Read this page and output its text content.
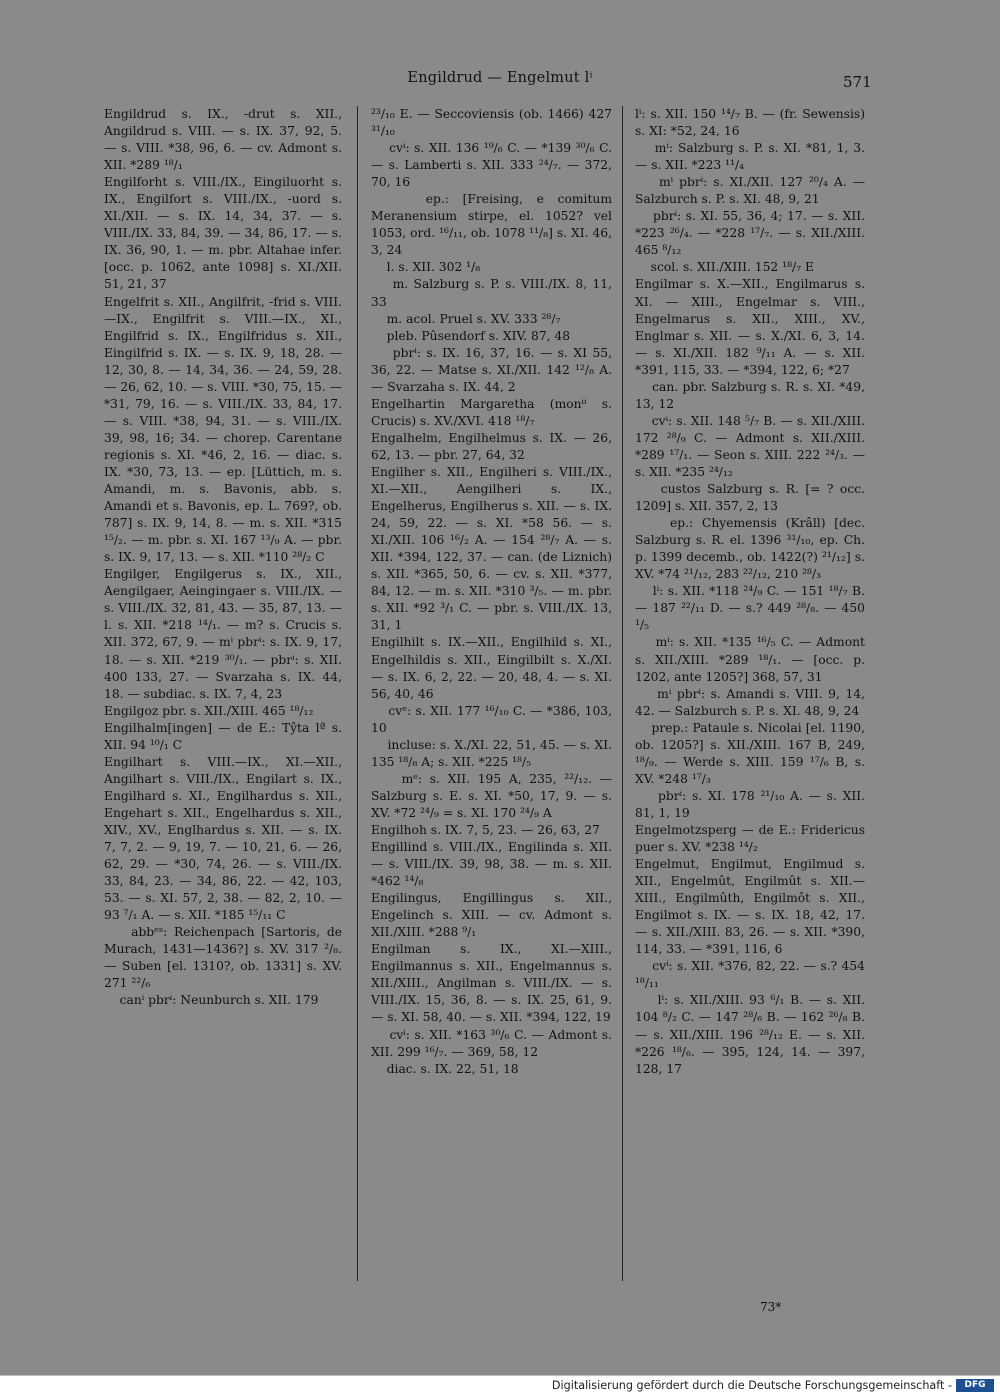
Engildrud — Engelmut lⁱ	571

Engildrud s. IX., -drut s. XII., Angildrud s. VIII. — s. IX. 37, 92, 5. — s. VIII. *38, 96, 6. — cv. Admont s. XII. *289 ¹⁸/₁
Engilforht s. VIII./IX., Eingiluorht s. IX., Engilfort s. VIII./IX., -uord s. XI./XII. — s. IX. 14, 34, 37. — s. VIII./IX. 33, 84, 39. — 34, 86, 17. — s. IX. 36, 90, 1. — m. pbr. Altahae infer. [occ. p. 1062, ante 1098] s. XI./XII. 51, 21, 37
Engelfrit s. XII., Angilfrit, -frid s. VIII.—IX., Engilfrit s. VIII.—IX., XI., Engilfrid s. IX., Engilfridus s. XII., Eingilfrid s. IX. — s. IX. 9, 18, 28. — 12, 30, 8. — 14, 34, 36. — 24, 59, 28. — 26, 62, 10. — s. VIII. *30, 75, 15. — *31, 79, 16. — s. VIII./IX. 33, 84, 17. — s. VIII. *38, 94, 31. — s. VIII./IX. 39, 98, 16; 34. — chorep. Carentane regionis s. XI. *46, 2, 16. — diac. s. IX. *30, 73, 13. — ep. [Lüttich, m. s. Amandi, m. s. Bavonis, abb. s. Amandi et s. Bavonis, ep. L. 769?, ob. 787] s. IX. 9, 14, 8. — m. s. XII. *315 ¹⁵/₂. — m. pbr. s. XI. 167 ¹³/₉ A. — pbr. s. IX. 9, 17, 13. — s. XII. *110 ²⁸/₂ C
Engilger, Engilgerus s. IX., XII., Aengilgaer, Aeingingaer s. VIII./IX. — s. VIII./IX. 32, 81, 43. — 35, 87, 13. — l. s. XII. *218 ¹⁴/₁. — m? s. Crucis s. XII. 372, 67, 9. — mⁱ pbrⁱ: s. IX. 9, 17, 18. — s. XII. *219 ³⁰/₁. — pbrⁱ: s. XII. 400 133, 27. — Svarzaha s. IX. 44, 18. — subdiac. s. IX. 7, 4, 23
Engilgoz pbr. s. XII./XIII. 465 ¹⁸/₁₂
Engilhalm[ingen] — de E.: Tŷta lª s. XII. 94 ¹⁰/₁ C
Engilhart s. VIII.—IX., XI.—XII., Angilhart s. VIII./IX., Engilart s. IX., Engilhard s. XI., Engilhardus s. XII., Engehart s. XII., Engelhardus s. XII., XIV., XV., Englhardus s. XII. — s. IX. 7, 7, 2. — 9, 19, 7. — 10, 21, 6. — 26, 62, 29. — *30, 74, 26. — s. VIII./IX. 33, 84, 23. — 34, 86, 22. — 42, 103, 53. — s. XI. 57, 2, 38. — 82, 2, 10. — 93 ⁷/₁ A. — s. XII. *185 ¹⁵/₁₁ C
abbᵉˢ: Reichenpach [Sartoris, de Murach, 1431—1436?] s. XV. 317 ²/₈. — Suben [el. 1310?, ob. 1331] s. XV. 271 ²²/₆
canⁱ pbrⁱ: Neunburch s. XII. 179

²³/₁₀ E. — Seccoviensis (ob. 1466) 427 ³¹/₁₀
cvⁱ: s. XII. 136 ¹⁹/₆ C. — *139 ³⁰/₆ C. — s. Lamberti s. XII. 333 ²⁴/₇. — 372, 70, 16
ep.: [Freising, e comitum Meranensium stirpe, el. 1052? vel 1053, ord. ¹⁶/₁₁, ob. 1078 ¹¹/₈] s. XI. 46, 3, 24
l. s. XII. 302 ¹/₈
m. Salzburg s. P. s. VIII./IX. 8, 11, 33
m. acol. Pruel s. XV. 333 ²⁸/₇
pleb. Pûsendorf s. XIV. 87, 48
pbrⁱ: s. IX. 16, 37, 16. — s. XI 55, 36, 22. — Matse s. XI./XII. 142 ¹²/₈ A. — Svarzaha s. IX. 44, 2
Engelhartin Margaretha (monⁱⁱ s. Crucis) s. XV./XVI. 418 ¹⁸/₇
Engalhelm, Engilhelmus s. IX. — 26, 62, 13. — pbr. 27, 64, 32
Engilher s. XII., Engilheri s. VIII./IX., XI.—XII., Aengilheri s. IX., Engelherus, Engilherus s. XII. — s. IX. 24, 59, 22. — s. XI. *58 56. — s. XI./XII. 106 ¹⁶/₂ A. — 154 ²⁸/₇ A. — s. XII. *394, 122, 37. — can. (de Liznich) s. XII. *365, 50, 6. — cv. s. XII. *377, 84, 12. — m. s. XII. *310 ³/₅. — m. pbr. s. XII. *92 ³/₁ C. — pbr. s. VIII./IX. 13, 31, 1
Engilhilt s. IX.—XII., Engilhild s. XI., Engelhildis s. XII., Eingilbilt s. X./XI. — s. IX. 6, 2, 22. — 20, 48, 4. — s. XI. 56, 40, 46
cvᵉ: s. XII. 177 ¹⁶/₁₀ C. — *386, 103, 10
incluse: s. X./XI. 22, 51, 45. — s. XI. 135 ¹⁸/₈ A; s. XII. *225 ¹⁸/₅
mᵉ: s. XII. 195 A, 235, ²²/₁₂. — Salzburg s. E. s. XI. *50, 17, 9. — s. XV. *72 ²⁴/₉ = s. XI. 170 ²⁴/₉ A
Engilhoh s. IX. 7, 5, 23. — 26, 63, 27
Engillind s. VIII./IX., Engilinda s. XII. — s. VIII./IX. 39, 98, 38. — m. s. XII. *462 ¹⁴/₈
Engilingus, Engillingus s. XII., Engelinch s. XIII. — cv. Admont s. XII./XIII. *288 ⁹/₁
Engilman s. IX., XI.—XIII., Engilmannus s. XII., Engelmannus s. XII./XIII., Angilman s. VIII./IX. — s. VIII./IX. 15, 36, 8. — s. IX. 25, 61, 9. — s. XI. 58, 40. — s. XII. *394, 122, 19
cvⁱ: s. XII. *163 ³⁰/₆ C. — Admont s. XII. 299 ¹⁶/₇. — 369, 58, 12
diac. s. IX. 22, 51, 18

lⁱ: s. XII. 150 ¹⁴/₇ B. — (fr. Sewensis) s. XI: *52, 24, 16
mⁱ: Salzburg s. P. s. XI. *81, 1, 3. — s. XII. *223 ¹¹/₄
mⁱ pbrⁱ: s. XI./XII. 127 ²⁰/₄ A. — Salzburch s. P. s. XI. 48, 9, 21
pbrⁱ: s. XI. 55, 36, 4; 17. — s. XII. *223 ²⁶/₄. — *228 ¹⁷/₇. — s. XII./XIII. 465 ⁸/₁₂
scol. s. XII./XIII. 152 ¹⁸/₇ E
Engilmar s. X.—XII., Engilmarus s. XI. — XIII., Engelmar s. VIII., Engelmarus s. XII., XIII., XV., Englmar s. XII. — s. X./XI. 6, 3, 14. — s. XI./XII. 182 ⁹/₁₁ A. — s. XII. *391, 115, 33. — *394, 122, 6; *27
can. pbr. Salzburg s. R. s. XI. *49, 13, 12
cvⁱ: s. XII. 148 ⁵/₇ B. — s. XII./XIII. 172 ²⁸/₉ C. — Admont s. XII./XIII. *289 ¹⁷/₁. — Seon s. XIII. 222 ²⁴/₃. — s. XII. *235 ²⁴/₁₂
custos Salzburg s. R. [= ? occ. 1209] s. XII. 357, 2, 13
ep.: Chyemensis (Krâll) [dec. Salzburg s. R. el. 1396 ³¹/₁₀, ep. Ch. p. 1399 decemb., ob. 1422(?) ²¹/₁₂] s. XV. *74 ²¹/₁₂, 283 ²²/₁₂, 210 ²⁸/₃
lⁱ: s. XII. *118 ²⁴/₉ C. — 151 ¹⁸/₇ B. — 187 ²²/₁₁ D. — s.? 449 ²⁸/₈. — 450 ¹/₅
mⁱ: s. XII. *135 ¹⁶/₅ C. — Admont s. XII./XIII. *289 ¹⁸/₁. — [occ. p. 1202, ante 1205?] 368, 57, 31
mⁱ pbrⁱ: s. Amandi s. VIII. 9, 14, 42. — Salzburch s. P. s. XI. 48, 9, 24
prep.: Pataule s. Nicolai [el. 1190, ob. 1205?] s. XII./XIII. 167 B, 249, ¹⁸/₉. — Werde s. XIII. 159 ¹⁷/₆ B, s. XV. *248 ¹⁷/₃
pbrⁱ: s. XI. 178 ²¹/₁₀ A. — s. XII. 81, 1, 19
Engelmotzsperg — de E.: Fridericus puer s. XV. *238 ¹⁴/₂
Engelmut, Engilmut, Engilmud s. XII., Engelmût, Engilmût s. XII.—XIII., Engilmûth, Engilmôt s. XII., Engilmot s. IX. — s. IX. 18, 42, 17. — s. XII./XIII. 83, 26. — s. XII. *390, 114, 33. — *391, 116, 6
cvⁱ: s. XII. *376, 82, 22. — s.? 454 ¹⁸/₁₁
lⁱ: s. XII./XIII. 93 ⁶/₁ B. — s. XII. 104 ⁸/₂ C. — 147 ²⁸/₆ B. — 162 ²⁶/₈ B. — s. XII./XIII. 196 ²⁸/₁₂ E. — s. XII. *226 ¹⁸/₆. — 395, 124, 14. — 397, 128, 17

73*
Digitalisierung gefördert durch die Deutsche Forschungsgemeinschaft -	DFG
